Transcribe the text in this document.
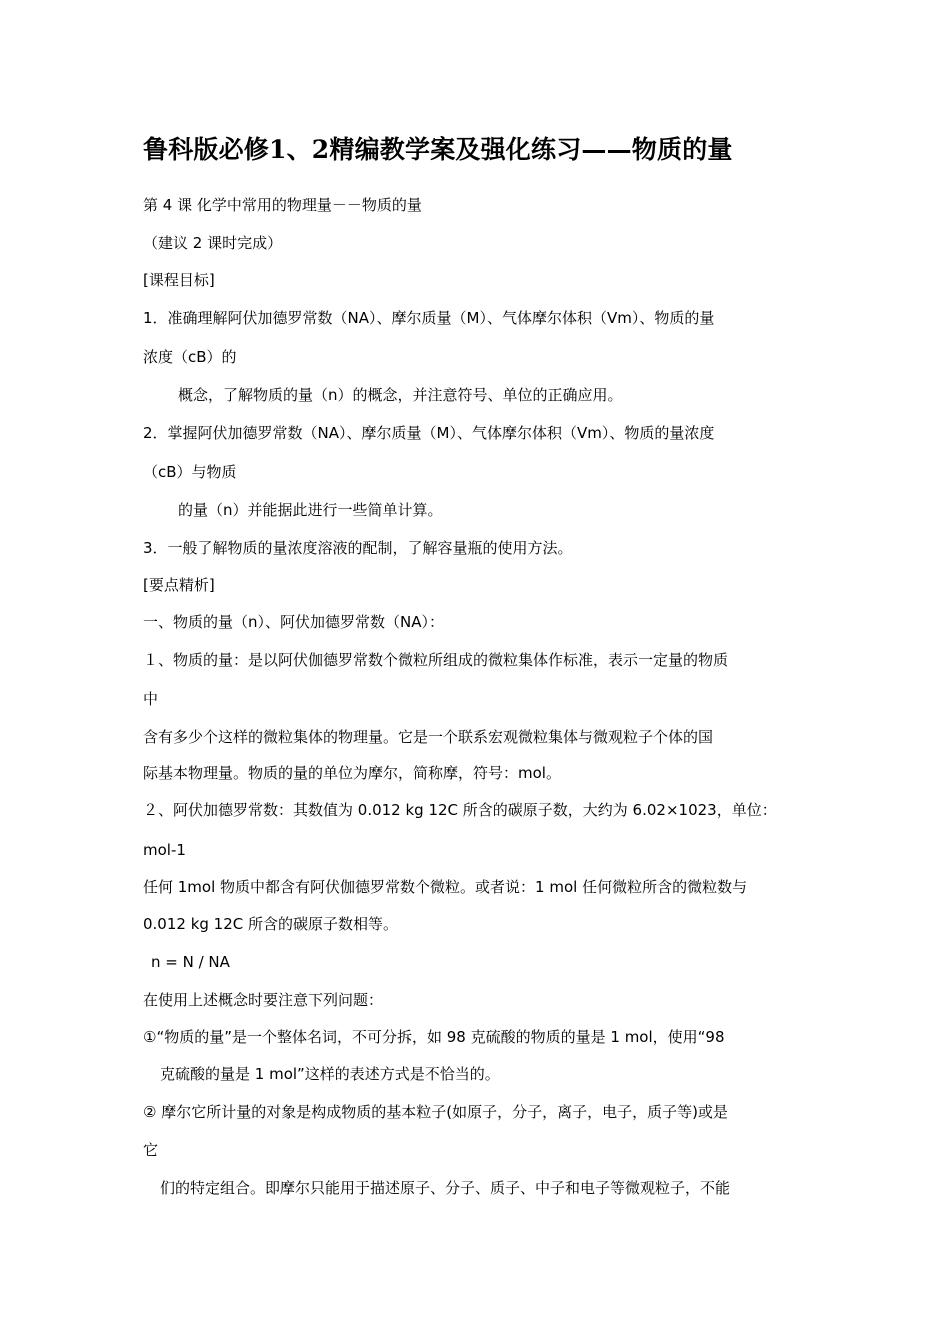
鲁科版必修1、2精编教学案及强化练习——物质的量
第 4 课 化学中常用的物理量－－物质的量
（建议 2 课时完成）
[课程目标]
1．准确理解阿伏加德罗常数（NA）、摩尔质量（M）、气体摩尔体积（Vm）、物质的量
浓度（cB）的
概念，了解物质的量（n）的概念，并注意符号、单位的正确应用。
2．掌握阿伏加德罗常数（NA）、摩尔质量（M）、气体摩尔体积（Vm）、物质的量浓度
（cB）与物质
的量（n）并能据此进行一些简单计算。
3．一般了解物质的量浓度溶液的配制，了解容量瓶的使用方法。
[要点精析]
一、物质的量（n）、阿伏加德罗常数（NA）：
１、物质的量：是以阿伏伽德罗常数个微粒所组成的微粒集体作标准，表示一定量的物质
中
含有多少个这样的微粒集体的物理量。它是一个联系宏观微粒集体与微观粒子个体的国
际基本物理量。物质的量的单位为摩尔，简称摩，符号：mol。
２、阿伏加德罗常数：其数值为 0.012 kg 12C 所含的碳原子数，大约为 6.02×1023，单位：
mol-1
任何 1mol 物质中都含有阿伏伽德罗常数个微粒。或者说：1 mol 任何微粒所含的微粒数与
0.012 kg 12C 所含的碳原子数相等。
n = N / NA
在使用上述概念时要注意下列问题：
①“物质的量”是一个整体名词，不可分拆，如 98 克硫酸的物质的量是 1 mol，使用“98
克硫酸的量是 1 mol”这样的表述方式是不恰当的。
② 摩尔它所计量的对象是构成物质的基本粒子(如原子，分子，离子，电子，质子等)或是
它
们的特定组合。即摩尔只能用于描述原子、分子、质子、中子和电子等微观粒子，不能
